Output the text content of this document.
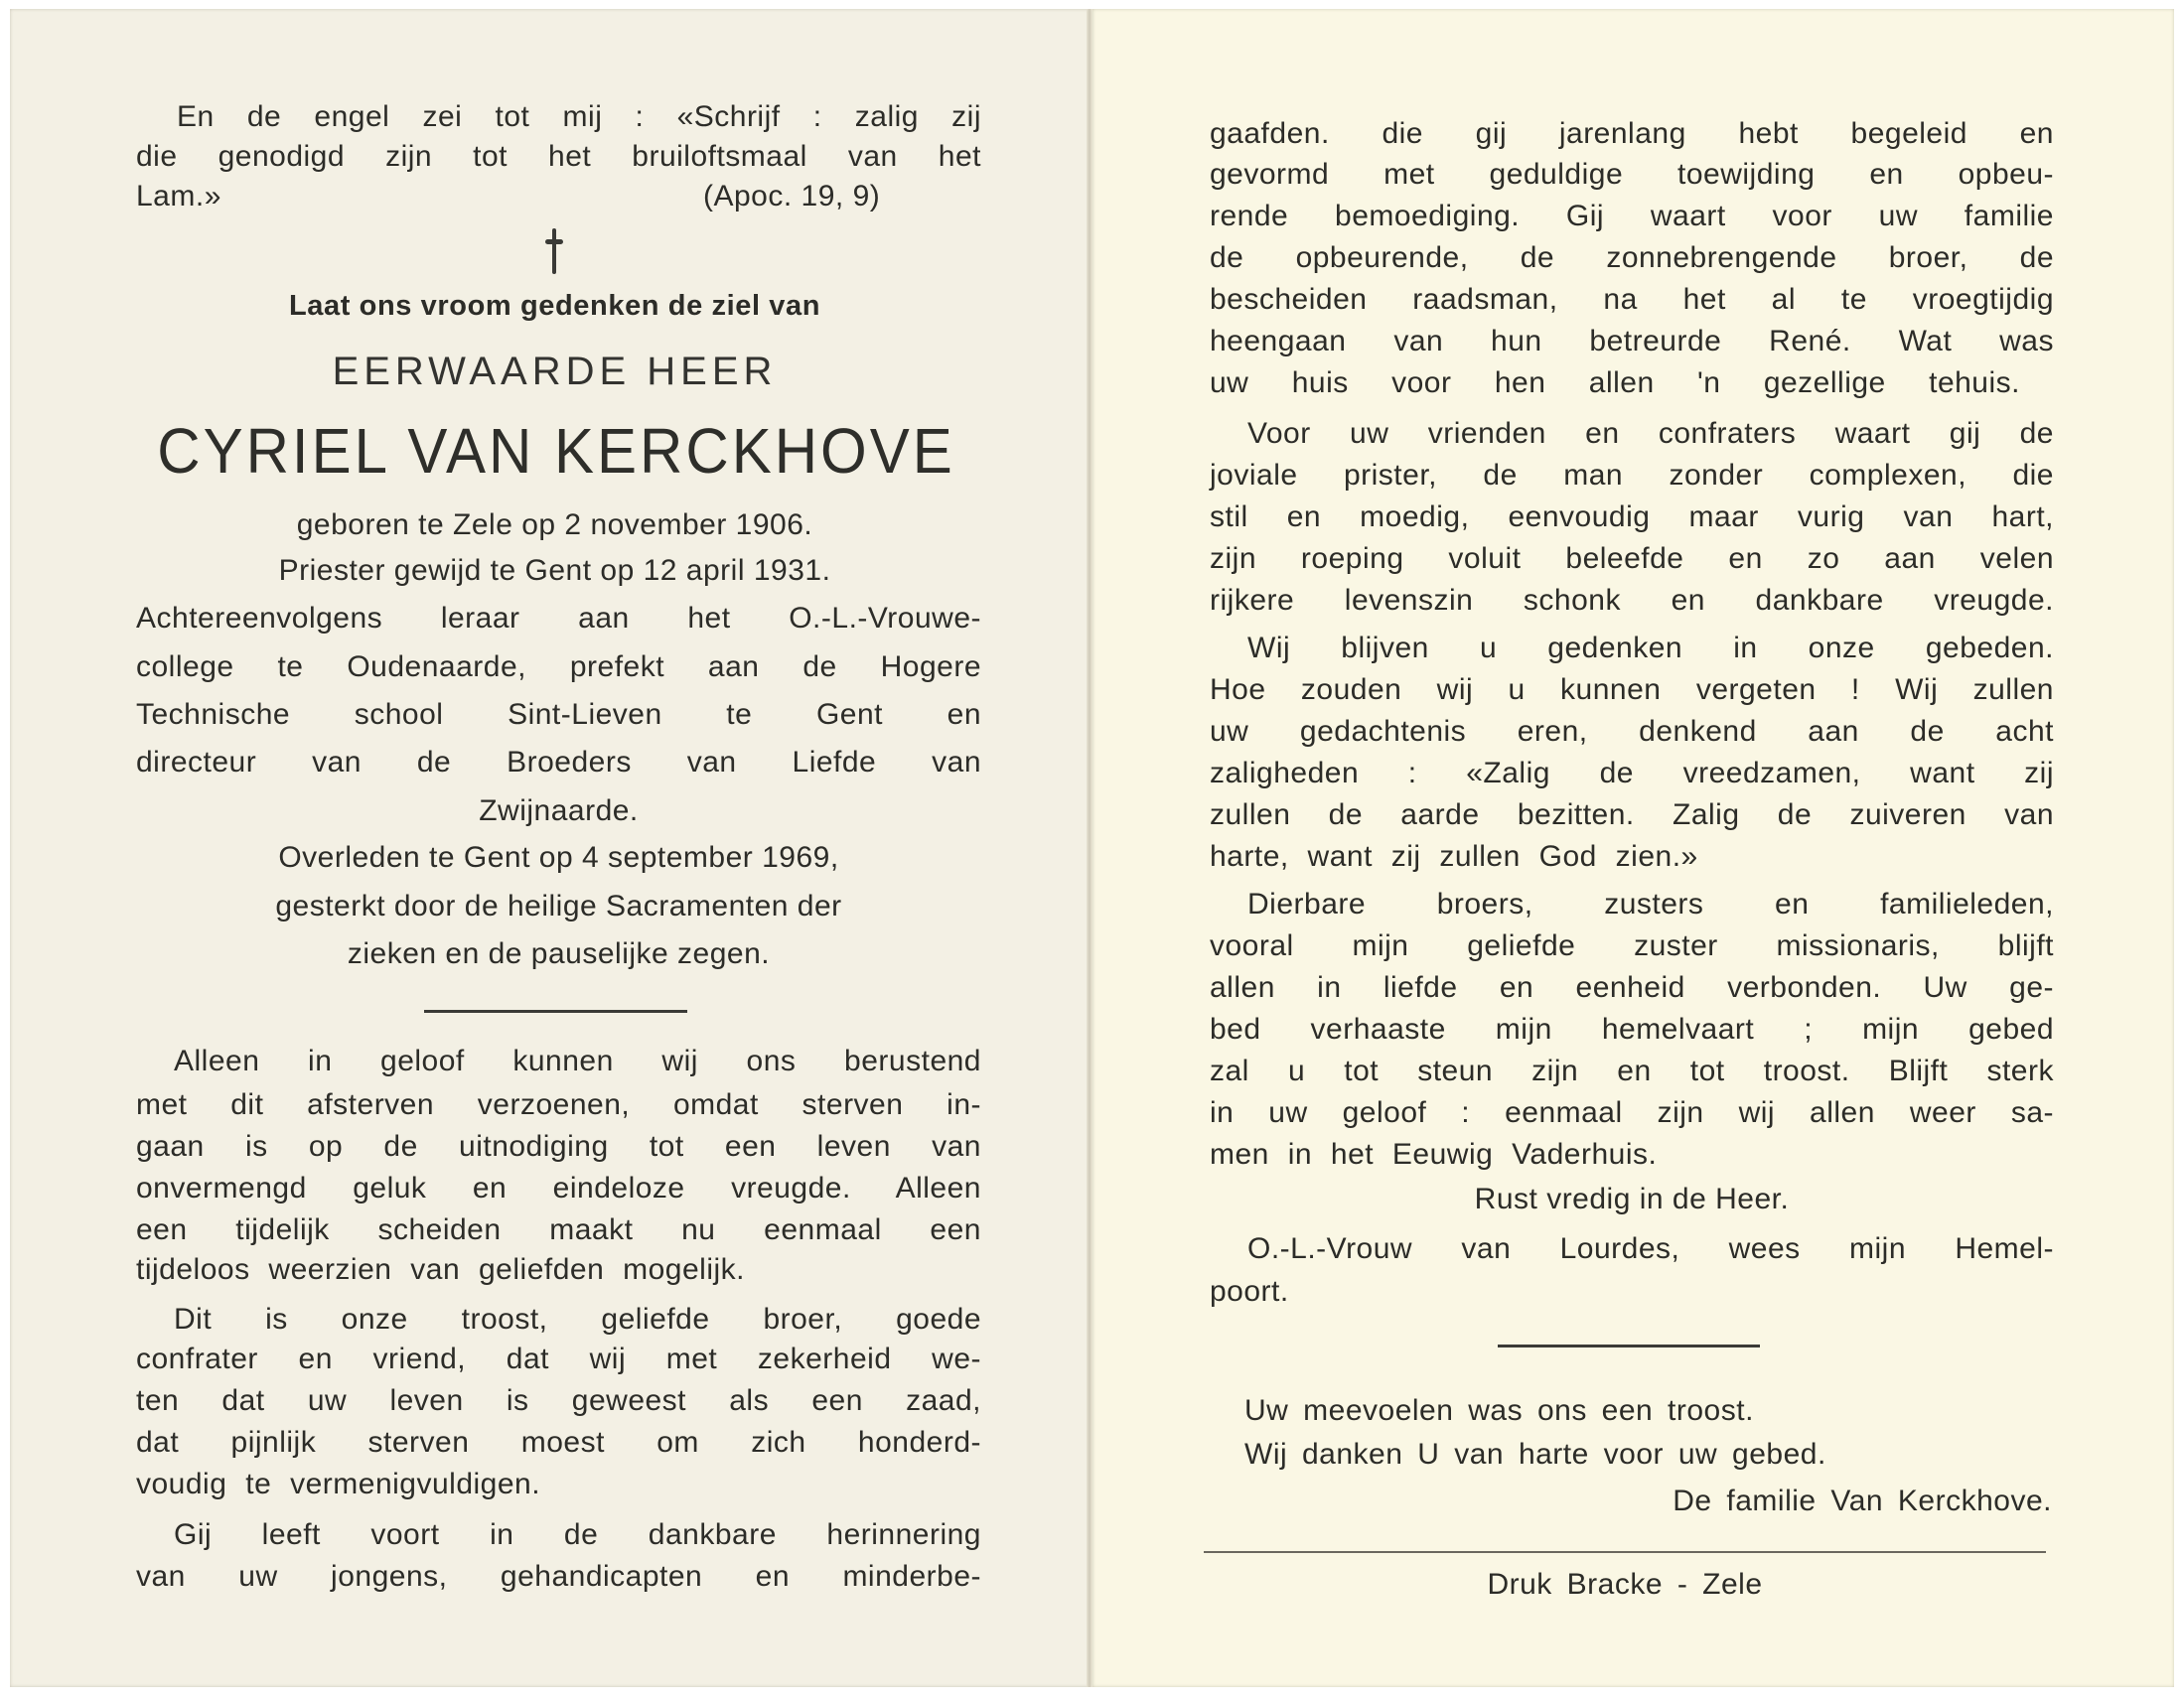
En de engel zei tot mij : «Schrijf : zalig zij
die genodigd zijn tot het bruiloftsmaal van het
Lam.»	(Apoc. 19, 9)
Laat ons vroom gedenken de ziel van
EERWAARDE HEER
CYRIEL VAN KERCKHOVE
geboren te Zele op 2 november 1906.
Priester gewijd te Gent op 12 april 1931.
Achtereenvolgens leraar aan het O.-L.-Vrouwe-
college te Oudenaarde, prefekt aan de Hogere
Technische school Sint-Lieven te Gent en
directeur van de Broeders van Liefde van
Zwijnaarde.
Overleden te Gent op 4 september 1969,
gesterkt door de heilige Sacramenten der
zieken en de pauselijke zegen.
Alleen in geloof kunnen wij ons berustend
met dit afsterven verzoenen, omdat sterven in-
gaan is op de uitnodiging tot een leven van
onvermengd geluk en eindeloze vreugde. Alleen
een tijdelijk scheiden maakt nu eenmaal een
tijdeloos weerzien van geliefden mogelijk.
Dit is onze troost, geliefde broer, goede
confrater en vriend, dat wij met zekerheid we-
ten dat uw leven is geweest als een zaad,
dat pijnlijk sterven moest om zich honderd-
voudig te vermenigvuldigen.
Gij leeft voort in de dankbare herinnering
van uw jongens, gehandicapten en minderbe-
gaafden. die gij jarenlang hebt begeleid en
gevormd met geduldige toewijding en opbeu-
rende bemoediging. Gij waart voor uw familie
de opbeurende, de zonnebrengende broer, de
bescheiden raadsman, na het al te vroegtijdig
heengaan van hun betreurde René. Wat was
uw huis voor hen allen 'n gezellige tehuis.
Voor uw vrienden en confraters waart gij de
joviale prister, de man zonder complexen, die
stil en moedig, eenvoudig maar vurig van hart,
zijn roeping voluit beleefde en zo aan velen
rijkere levenszin schonk en dankbare vreugde.
Wij blijven u gedenken in onze gebeden.
Hoe zouden wij u kunnen vergeten ! Wij zullen
uw gedachtenis eren, denkend aan de acht
zaligheden : «Zalig de vreedzamen, want zij
zullen de aarde bezitten. Zalig de zuiveren van
harte, want zij zullen God zien.»
Dierbare broers, zusters en familieleden,
vooral mijn geliefde zuster missionaris, blijft
allen in liefde en eenheid verbonden. Uw ge-
bed verhaaste mijn hemelvaart ; mijn gebed
zal u tot steun zijn en tot troost. Blijft sterk
in uw geloof : eenmaal zijn wij allen weer sa-
men in het Eeuwig Vaderhuis.
Rust vredig in de Heer.
O.-L.-Vrouw van Lourdes, wees mijn Hemel-
poort.
Uw meevoelen was ons een troost.
Wij danken U van harte voor uw gebed.
De familie Van Kerckhove.
Druk Bracke - Zele
